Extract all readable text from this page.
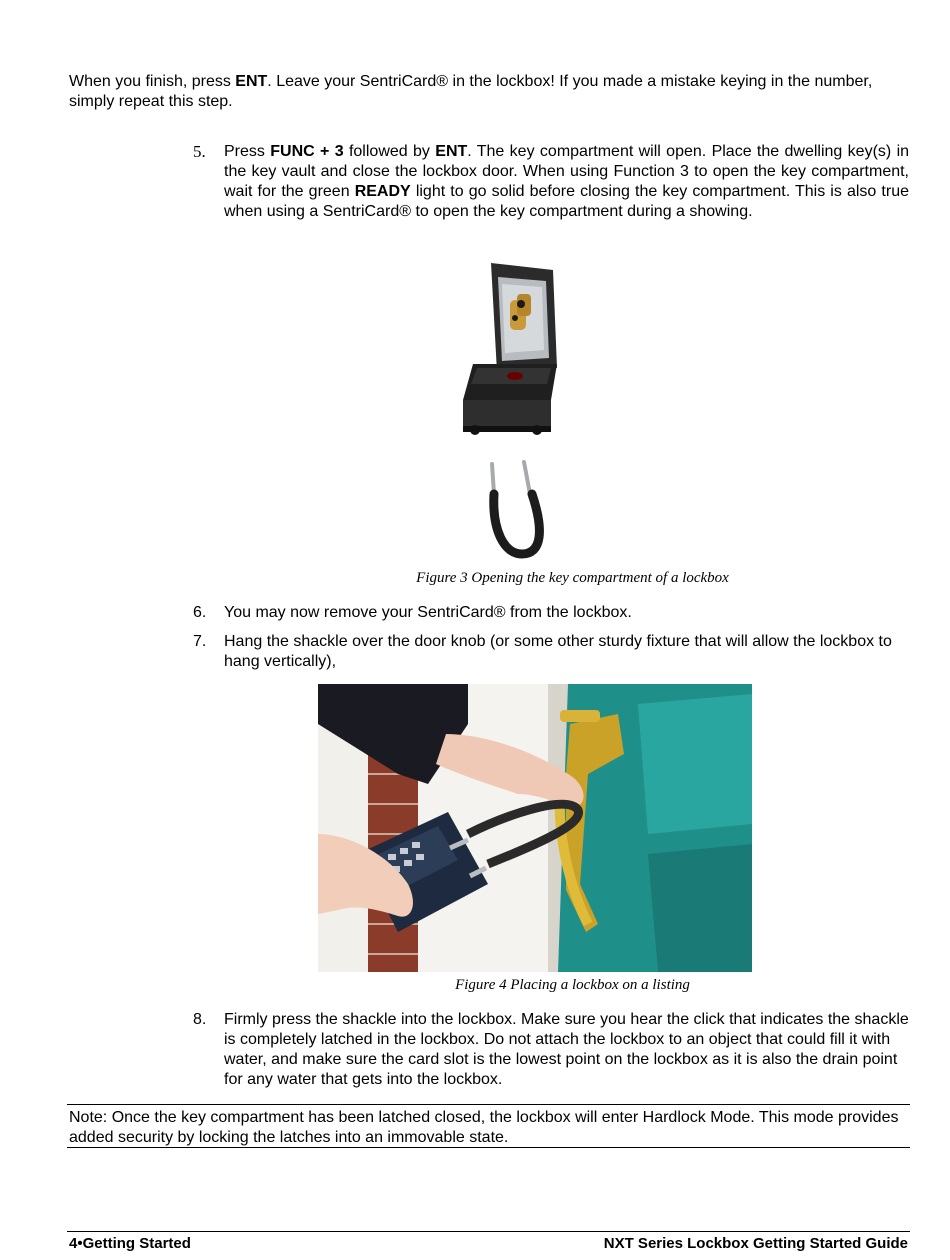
When you finish, press ENT. Leave your SentriCard® in the lockbox! If you made a mistake keying in the number, simply repeat this step.

5.	Press FUNC + 3 followed by ENT. The key compartment will open. Place the dwelling key(s) in the key vault and close the lockbox door. When using Function 3 to open the key compartment, wait for the green READY light to go solid before closing the key compartment. This is also true when using a SentriCard® to open the key compartment during a showing.

Figure 3 Opening the key compartment of a lockbox

6.	You may now remove your SentriCard® from the lockbox.

7.	Hang the shackle over the door knob (or some other sturdy fixture that will allow the lockbox to hang vertically),

Figure 4 Placing a lockbox on a listing

8.	Firmly press the shackle into the lockbox. Make sure you hear the click that indicates the shackle is completely latched in the lockbox. Do not attach the lockbox to an object that could fill it with water, and make sure the card slot is the lowest point on the lockbox as it is also the drain point for any water that gets into the lockbox.

Note: Once the key compartment has been latched closed, the lockbox will enter Hardlock Mode. This mode provides added security by locking the latches into an immovable state.
4•Getting Started	NXT Series Lockbox Getting Started Guide
